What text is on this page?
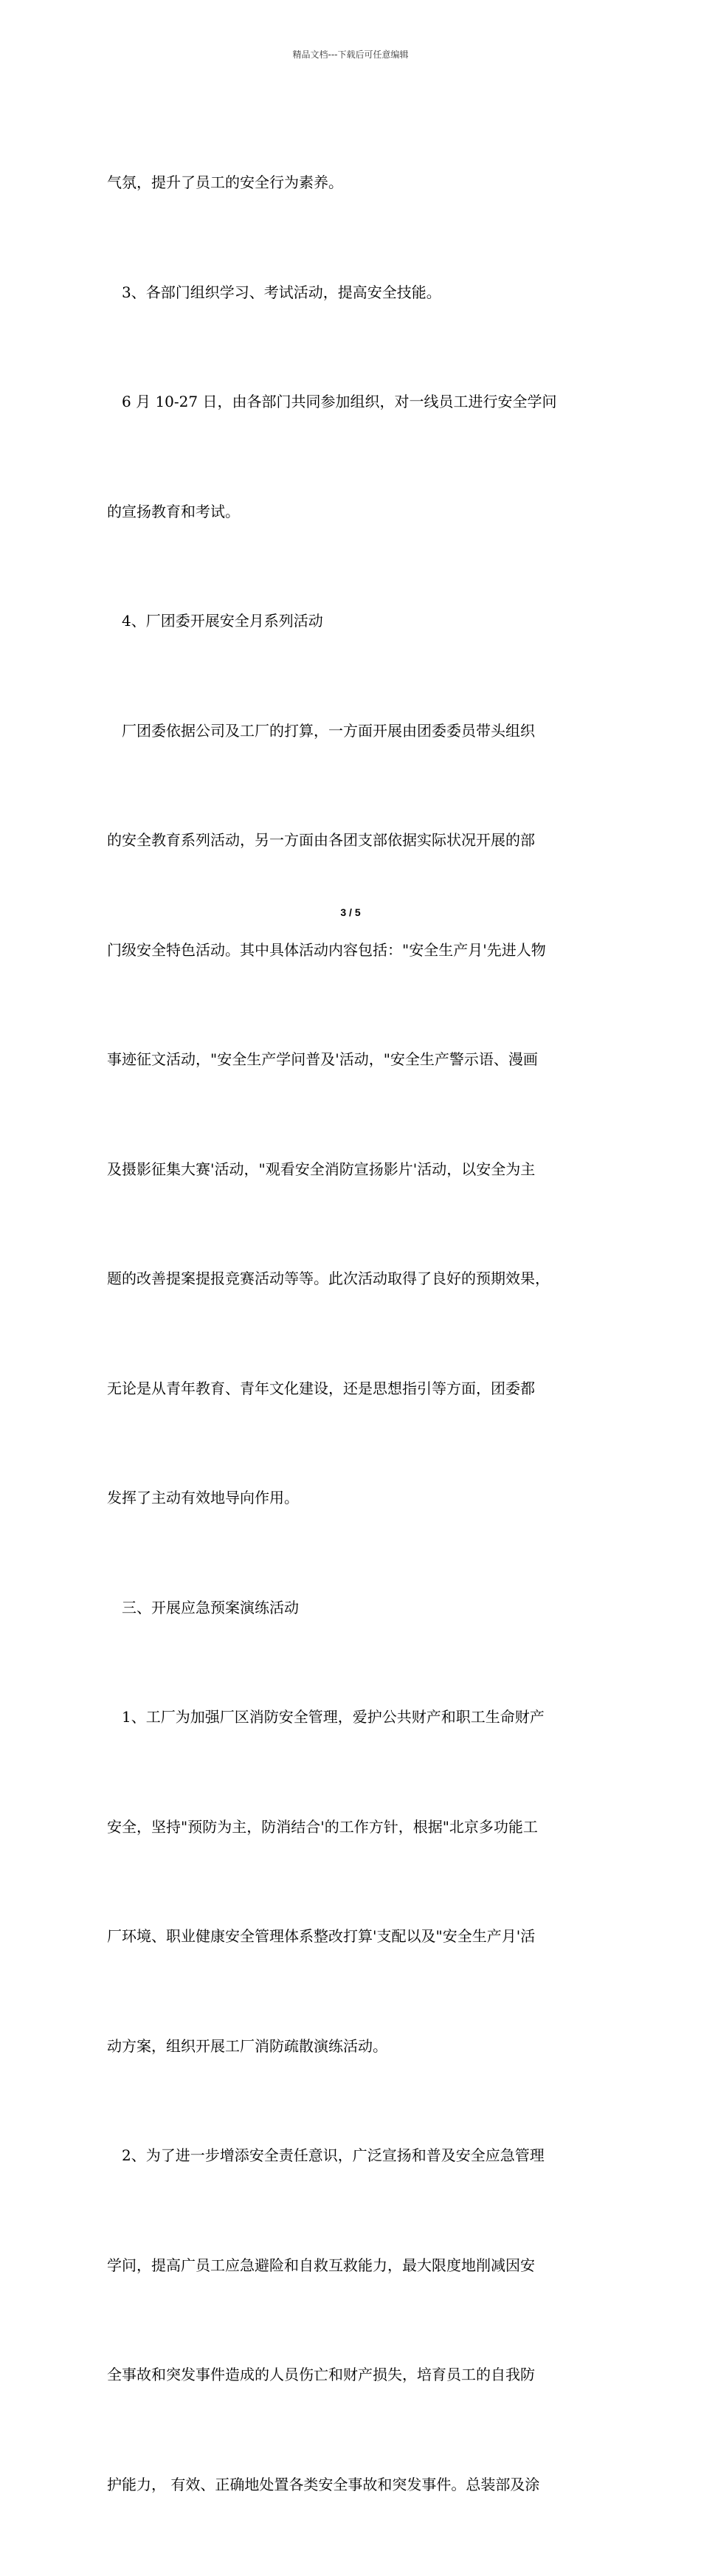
精品文档---下载后可任意编辑

气氛，提升了员工的安全行为素养。

3、各部门组织学习、考试活动，提高安全技能。

6 月 10-27 日，由各部门共同参加组织，对一线员工进行安全学问

的宣扬教育和考试。

4、厂团委开展安全月系列活动

厂团委依据公司及工厂的打算，一方面开展由团委委员带头组织

的安全教育系列活动，另一方面由各团支部依据实际状况开展的部

门级安全特色活动。其中具体活动内容包括："安全生产月'先进人物

事迹征文活动，"安全生产学问普及'活动，"安全生产警示语、漫画

及摄影征集大赛'活动，"观看安全消防宣扬影片'活动，以安全为主

题的改善提案提报竞赛活动等等。此次活动取得了良好的预期效果，

无论是从青年教育、青年文化建设，还是思想指引等方面，团委都

发挥了主动有效地导向作用。

三、开展应急预案演练活动

1、工厂为加强厂区消防安全管理，爱护公共财产和职工生命财产

安全，坚持"预防为主，防消结合'的工作方针，根据"北京多功能工

厂环境、职业健康安全管理体系整改打算'支配以及"安全生产月'活

动方案，组织开展工厂消防疏散演练活动。

2、为了进一步增添安全责任意识，广泛宣扬和普及安全应急管理

学问，提高广员工应急避险和自救互救能力，最大限度地削减因安

全事故和突发事件造成的人员伤亡和财产损失，培育员工的自我防

护能力， 有效、正确地处置各类安全事故和突发事件。总装部及涂

3 / 5
